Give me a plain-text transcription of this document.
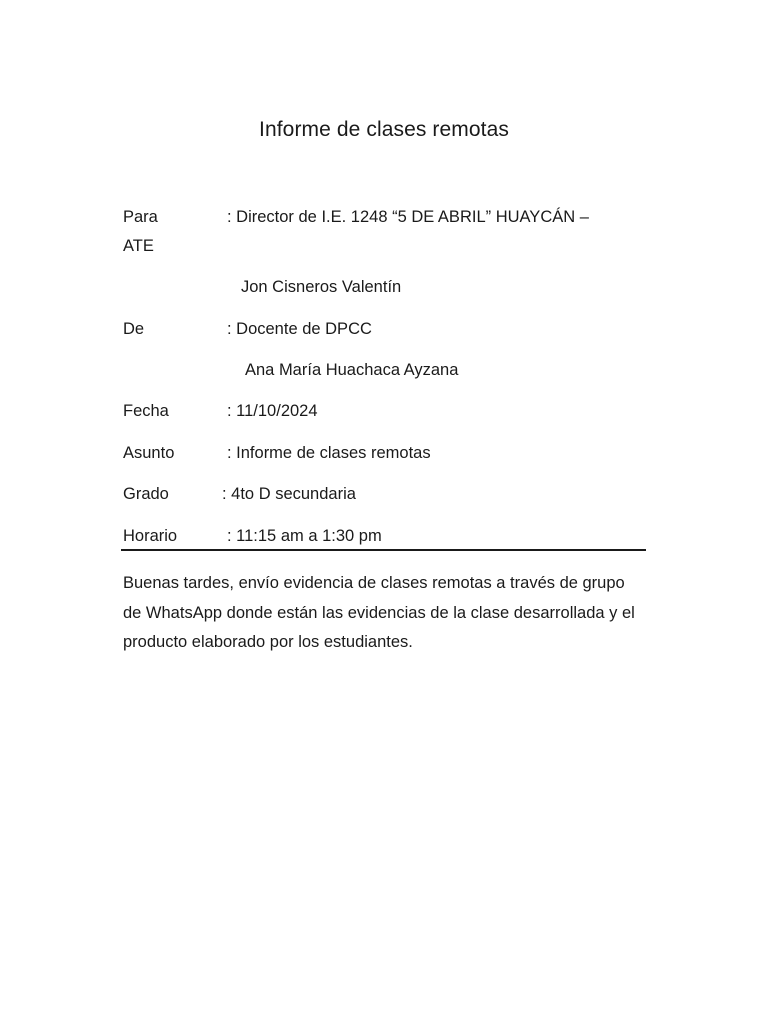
Informe de clases remotas
Para	: Director de I.E. 1248 “5 DE ABRIL” HUAYCÁN –
ATE
Jon Cisneros Valentín
De	: Docente de DPCC
Ana María Huachaca Ayzana
Fecha	: 11/10/2024
Asunto	: Informe de clases remotas
Grado	: 4to D secundaria
Horario	: 11:15 am a 1:30 pm
Buenas tardes, envío evidencia de clases remotas a través de grupo de WhatsApp donde están las evidencias de la clase desarrollada y el producto elaborado por los estudiantes.
